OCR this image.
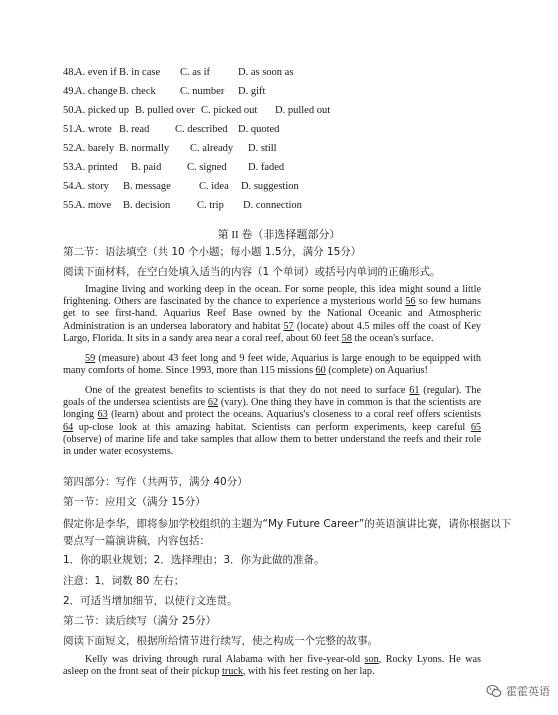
48.
A. even if B. in case C. as if	D. as soon as
49.
A. change B. check C. number D. gift
50.
A. picked up B. pulled over C. picked out D. pulled out
51.
A. wrote B. read C. described D. quoted
52.
A. barely B. normally C. already D. still
53.
A. printed B. paid C. signed D. faded
54.
A. story B. message	C. idea D. suggestion
55.
A. move B. decision	C. trip D. connection
第 II 卷（非选择题部分）
第二节：语法填空（共 10 个小题；每小题 1.5分，满分 15分）
阅读下面材料，在空白处填入适当的内容（1 个单词）或括号内单词的正确形式。
Imagine living and working deep in the ocean. For some people, this idea might sound a little frightening. Others are fascinated by the chance to experience a mysterious world 56 so few humans get to see first-hand. Aquarius Reef Base owned by the National Oceanic and Atmospheric Administration is an undersea laboratory and habitat 57 (locate) about 4.5 miles off the coast of Key Largo, Florida. It sits in a sandy area near a coral reef, about 60 feet 58 the ocean's surface.
59 (measure) about 43 feet long and 9 feet wide, Aquarius is large enough to be equipped with many comforts of home. Since 1993, more than 115 missions 60 (complete) on Aquarius!
One of the greatest benefits to scientists is that they do not need to surface 61 (regular). The goals of the undersea scientists are 62 (vary). One thing they have in common is that the scientists are longing 63 (learn) about and protect the oceans. Aquarius's closeness to a coral reef offers scientists 64 up-close look at this amazing habitat. Scientists can perform experiments, keep careful 65 (observe) of marine life and take samples that allow them to better understand the reefs and their role in under water ecosystems.
第四部分：写作（共两节，满分 40分）
第一节：应用文（满分 15分）
假定你是李华，即将参加学校组织的主题为“My Future Career”的英语演讲比赛，请你根据以下
要点写一篇演讲稿，内容包括：
1．你的职业规划；2．选择理由；3．你为此做的准备。
注意：1．词数 80 左右；
2．可适当增加细节，以使行文连贯。
第二节：读后续写（满分 25分）
阅读下面短文，根据所给情节进行续写，使之构成一个完整的故事。
Kelly was driving through rural Alabama with her five-year-old son, Rocky Lyons. He was asleep on the front seat of their pickup truck, with his feet resting on her lap.
霍霍英语
